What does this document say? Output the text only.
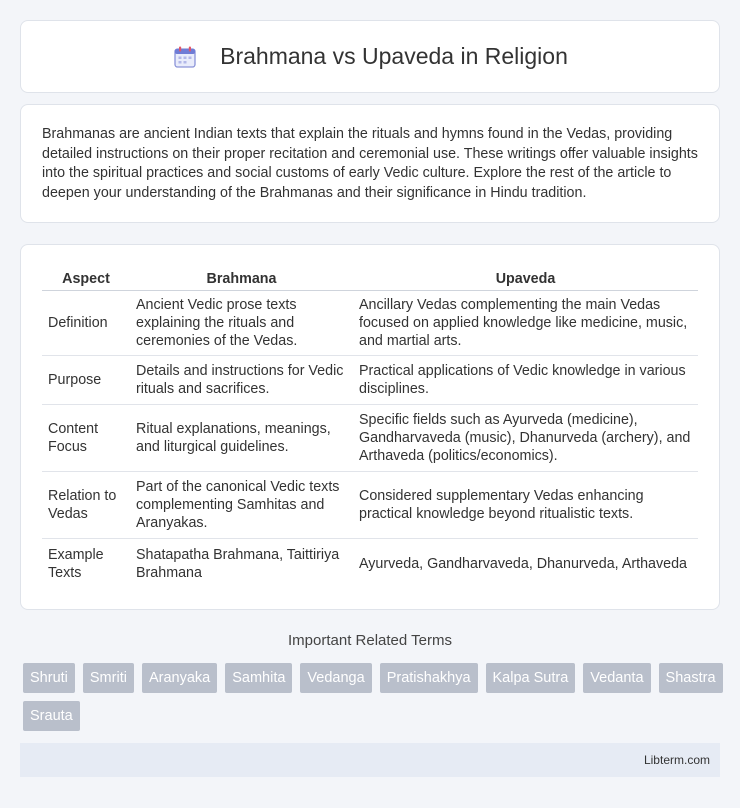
Brahmana vs Upaveda in Religion

Brahmanas are ancient Indian texts that explain the rituals and hymns found in the Vedas, providing detailed instructions on their proper recitation and ceremonial use. These writings offer valuable insights into the spiritual practices and social customs of early Vedic culture. Explore the rest of the article to deepen your understanding of the Brahmanas and their significance in Hindu tradition.

Aspect	Brahmana	Upaveda
Definition	Ancient Vedic prose texts explaining the rituals and ceremonies of the Vedas.	Ancillary Vedas complementing the main Vedas focused on applied knowledge like medicine, music, and martial arts.
Purpose	Details and instructions for Vedic rituals and sacrifices.	Practical applications of Vedic knowledge in various disciplines.
Content Focus	Ritual explanations, meanings, and liturgical guidelines.	Specific fields such as Ayurveda (medicine), Gandharvaveda (music), Dhanurveda (archery), and Arthaveda (politics/economics).
Relation to Vedas	Part of the canonical Vedic texts complementing Samhitas and Aranyakas.	Considered supplementary Vedas enhancing practical knowledge beyond ritualistic texts.
Example Texts	Shatapatha Brahmana, Taittiriya Brahmana	Ayurveda, Gandharvaveda, Dhanurveda, Arthaveda
Important Related Terms
Shruti	Smriti	Aranyaka	Samhita	Vedanga	Pratishakhya	Kalpa Sutra	Vedanta	Shastra
Srauta
Libterm.com
